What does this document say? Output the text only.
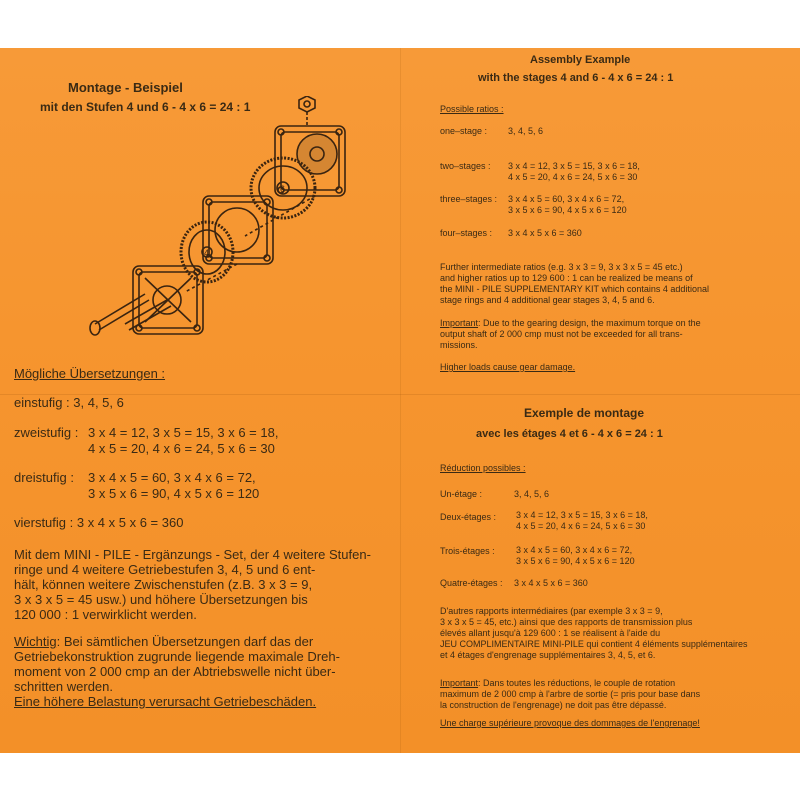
Montage - Beispiel
mit den Stufen 4 und 6 - 4 x 6 = 24 : 1
6
4
Mögliche Übersetzungen :
einstufig : 3, 4, 5, 6
zweistufig : 3 x 4 = 12, 3 x 5 = 15, 3 x 6 = 18,
4 x 5 = 20, 4 x 6 = 24, 5 x 6 = 30
dreistufig : 3 x 4 x 5 = 60, 3 x 4 x 6 = 72,
3 x 5 x 6 = 90, 4 x 5 x 6 = 120
vierstufig : 3 x 4 x 5 x 6 = 360
Mit dem MINI - PILE - Ergänzungs - Set, der 4 weitere Stufen-
ringe und 4 weitere Getriebestufen 3, 4, 5 und 6 ent-
hält, können weitere Zwischenstufen (z.B. 3 x 3 = 9,
3 x 3 x 5 = 45 usw.) und höhere Übersetzungen bis
120 000 : 1 verwirklicht werden.
Wichtig: Bei sämtlichen Übersetzungen darf das der
Getriebekonstruktion zugrunde liegende maximale Dreh-
moment von 2 000 cmp an der Abtriebswelle nicht über-
schritten werden.
Eine höhere Belastung verursacht Getriebeschäden.
Assembly Example
with the stages 4 and 6 - 4 x 6 = 24 : 1
Possible ratios :
one–stage : 3, 4, 5, 6
two–stages : 3 x 4 = 12, 3 x 5 = 15, 3 x 6 = 18,
4 x 5 = 20, 4 x 6 = 24, 5 x 6 = 30
three–stages : 3 x 4 x 5 = 60, 3 x 4 x 6 = 72,
3 x 5 x 6 = 90, 4 x 5 x 6 = 120
four–stages : 3 x 4 x 5 x 6 = 360
Further intermediate ratios (e.g. 3 x 3 = 9, 3 x 3 x 5 = 45 etc.)
and higher ratios up to 129 600 : 1 can be realized be means of
the MINI - PILE SUPPLEMENTARY KIT which contains 4 additional
stage rings and 4 additional gear stages 3, 4, 5 and 6.
Important: Due to the gearing design, the maximum torque on the
output shaft of 2 000 cmp must not be exceeded for all trans-
missions.
Higher loads cause gear damage.
Exemple de montage
avec les étages 4 et 6 - 4 x 6 = 24 : 1
Réduction possibles :
Un-étage :	3, 4, 5, 6
Deux-étages : 3 x 4 = 12, 3 x 5 = 15, 3 x 6 = 18,
4 x 5 = 20, 4 x 6 = 24, 5 x 6 = 30
Trois-étages : 3 x 4 x 5 = 60, 3 x 4 x 6 = 72,
3 x 5 x 6 = 90, 4 x 5 x 6 = 120
Quatre-étages : 3 x 4 x 5 x 6 = 360
D'autres rapports intermédiaires (par exemple 3 x 3 = 9,
3 x 3 x 5 = 45, etc.) ainsi que des rapports de transmission plus
élevés allant jusqu'à 129 600 : 1 se réalisent à l'aide du
JEU COMPLIMENTAIRE MINI-PILE qui contient 4 éléments supplémentaires
et 4 étages d'engrenage supplémentaires 3, 4, 5, et 6.
Important: Dans toutes les réductions, le couple de rotation
maximum de 2 000 cmp à l'arbre de sortie (= pris pour base dans
la construction de l'engrenage) ne doit pas être dépassé.
Une charge supérieure provoque des dommages de l'engrenage!
